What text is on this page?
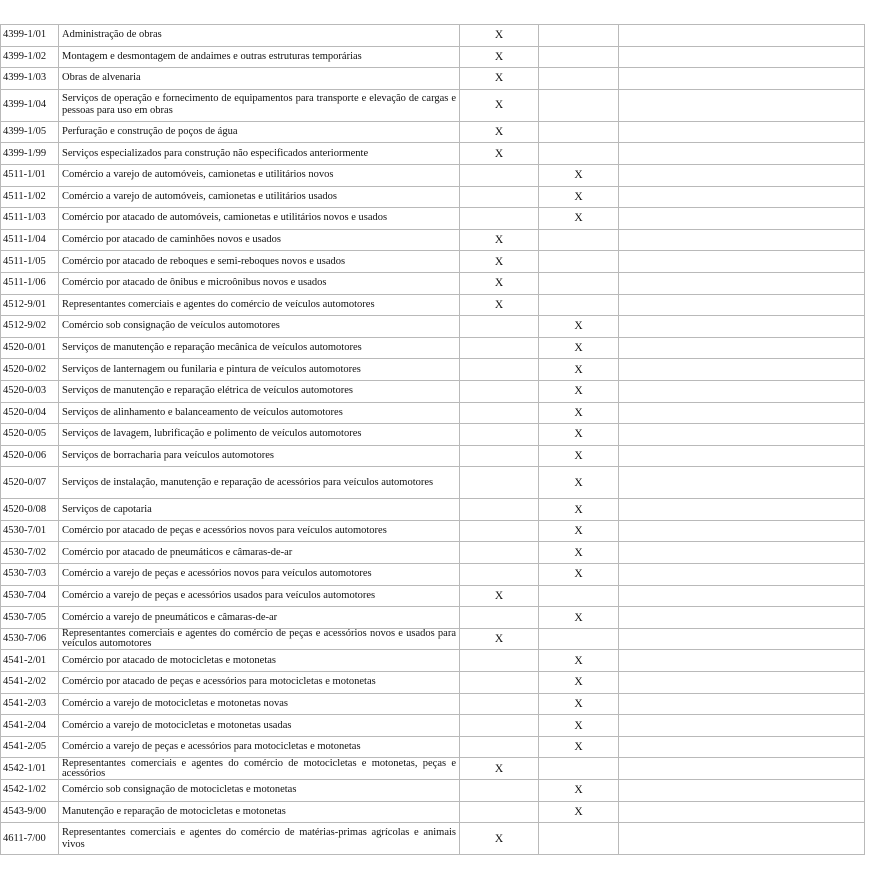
4399-1/01	Administração de obras	X		
4399-1/02	Montagem e desmontagem de andaimes e outras estruturas temporárias	X		
4399-1/03	Obras de alvenaria	X		
4399-1/04	Serviços de operação e fornecimento de equipamentos para transporte e elevação de cargas e pessoas para uso em obras	X		
4399-1/05	Perfuração e construção de poços de água	X		
4399-1/99	Serviços especializados para construção não especificados anteriormente	X		
4511-1/01	Comércio a varejo de automóveis, camionetas e utilitários novos		X	
4511-1/02	Comércio a varejo de automóveis, camionetas e utilitários usados		X	
4511-1/03	Comércio por atacado de automóveis, camionetas e utilitários novos e usados		X	
4511-1/04	Comércio por atacado de caminhões novos e usados	X		
4511-1/05	Comércio por atacado de reboques e semi-reboques novos e usados	X		
4511-1/06	Comércio por atacado de ônibus e microônibus novos e usados	X		
4512-9/01	Representantes comerciais e agentes do comércio de veículos automotores	X		
4512-9/02	Comércio sob consignação de veículos automotores		X	
4520-0/01	Serviços de manutenção e reparação mecânica de veículos automotores		X	
4520-0/02	Serviços de lanternagem ou funilaria e pintura de veículos automotores		X	
4520-0/03	Serviços de manutenção e reparação elétrica de veículos automotores		X	
4520-0/04	Serviços de alinhamento e balanceamento de veículos automotores		X	
4520-0/05	Serviços de lavagem, lubrificação e polimento de veículos automotores		X	
4520-0/06	Serviços de borracharia para veículos automotores		X	
4520-0/07	Serviços de instalação, manutenção e reparação de acessórios para veículos automotores		X	
4520-0/08	Serviços de capotaria		X	
4530-7/01	Comércio por atacado de peças e acessórios novos para veículos automotores		X	
4530-7/02	Comércio por atacado de pneumáticos e câmaras-de-ar		X	
4530-7/03	Comércio a varejo de peças e acessórios novos para veículos automotores		X	
4530-7/04	Comércio a varejo de peças e acessórios usados para veículos automotores	X		
4530-7/05	Comércio a varejo de pneumáticos e câmaras-de-ar		X	
4530-7/06	Representantes comerciais e agentes do comércio de peças e acessórios novos e usados para veículos automotores	X		
4541-2/01	Comércio por atacado de motocicletas e motonetas		X	
4541-2/02	Comércio por atacado de peças e acessórios para motocicletas e motonetas		X	
4541-2/03	Comércio a varejo de motocicletas e motonetas novas		X	
4541-2/04	Comércio a varejo de motocicletas e motonetas usadas		X	
4541-2/05	Comércio a varejo de peças e acessórios para motocicletas e motonetas		X	
4542-1/01	Representantes comerciais e agentes do comércio de motocicletas e motonetas, peças e acessórios	X		
4542-1/02	Comércio sob consignação de motocicletas e motonetas		X	
4543-9/00	Manutenção e reparação de motocicletas e motonetas		X	
4611-7/00	Representantes comerciais e agentes do comércio de matérias-primas agrícolas e animais vivos	X		
